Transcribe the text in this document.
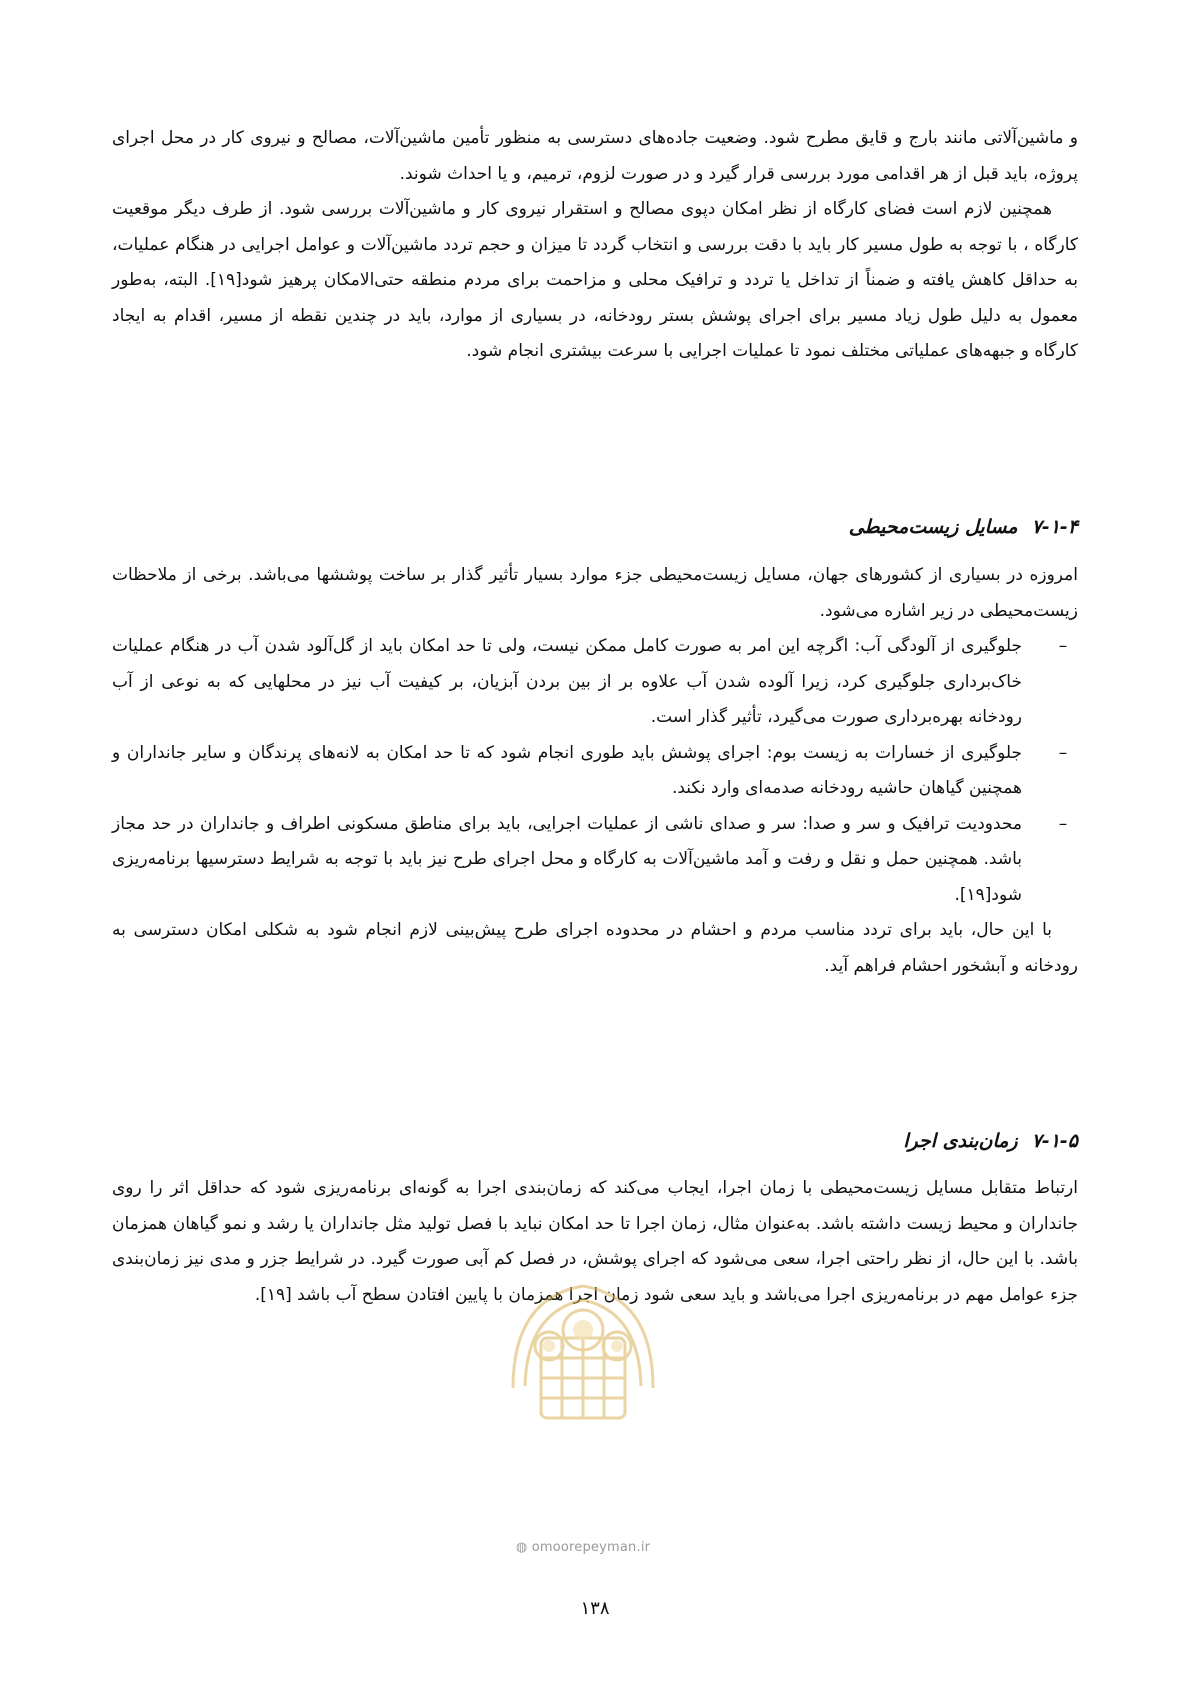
و ماشین‌آلاتی مانند بارج و قایق مطرح شود. وضعیت جاده‌های دسترسی به منظور تأمین ماشین‌آلات، مصالح و نیروی کار در محل اجرای پروژه، باید قبل از هر اقدامی مورد بررسی قرار گیرد و در صورت لزوم، ترمیم، و یا احداث شوند.

همچنین لازم است فضای کارگاه از نظر امکان دپوی مصالح و استقرار نیروی کار و ماشین‌آلات بررسی شود. از طرف دیگر موقعیت کارگاه ، با توجه به طول مسیر کار باید با دقت بررسی و انتخاب گردد تا میزان و حجم تردد ماشین‌آلات و عوامل اجرایی در هنگام عملیات، به حداقل کاهش یافته و ضمناً از تداخل یا تردد و ترافیک محلی و مزاحمت برای مردم منطقه حتی‌الامکان پرهیز شود[۱۹]. البته، به‌طور معمول به دلیل طول زیاد مسیر برای اجرای پوشش بستر رودخانه، در بسیاری از موارد، باید در چندین نقطه از مسیر، اقدام به ایجاد کارگاه و جبهه‌های عملیاتی مختلف نمود تا عملیات اجرایی با سرعت بیشتری انجام شود.

۷-۱-۴مسایل زیست‌محیطی

امروزه در بسیاری از کشورهای جهان، مسایل زیست‌محیطی جزء موارد بسیار تأثیر گذار بر ساخت پوششها می‌باشد. برخی از ملاحظات زیست‌محیطی در زیر اشاره می‌شود.

–
جلوگیری از آلودگی آب: اگرچه این امر به صورت کامل ممکن نیست، ولی تا حد امکان باید از گل‌آلود شدن آب در هنگام عملیات خاک‌برداری جلوگیری کرد، زیرا آلوده شدن آب علاوه بر از بین بردن آبزیان، بر کیفیت آب نیز در محلهایی که به نوعی از آب رودخانه بهره‌برداری صورت می‌گیرد، تأثیر گذار است.
–
جلوگیری از خسارات به زیست بوم: اجرای پوشش باید طوری انجام شود که تا حد امکان به لانه‌های پرندگان و سایر جانداران و همچنین گیاهان حاشیه رودخانه صدمه‌ای وارد نکند.
–
محدودیت ترافیک و سر و صدا: سر و صدای ناشی از عملیات اجرایی، باید برای مناطق مسکونی اطراف و جانداران در حد مجاز باشد. همچنین حمل و نقل و رفت و آمد ماشین‌آلات به کارگاه و محل اجرای طرح نیز باید با توجه به شرایط دسترسیها برنامه‌ریزی شود[۱۹].

با این حال، باید برای تردد مناسب مردم و احشام در محدوده اجرای طرح پیش‌بینی لازم انجام شود به شکلی امکان دسترسی به رودخانه و آبشخور احشام فراهم آید.

۷-۱-۵زمان‌بندی اجرا

ارتباط متقابل مسایل زیست‌محیطی با زمان اجرا، ایجاب می‌کند که زمان‌بندی اجرا به گونه‌ای برنامه‌ریزی شود که حداقل اثر را روی جانداران و محیط زیست داشته باشد. به‌عنوان مثال، زمان اجرا تا حد امکان نباید با فصل تولید مثل جانداران یا رشد و نمو گیاهان همزمان باشد. با این حال، از نظر راحتی اجرا، سعی می‌شود که اجرای پوشش، در فصل کم آبی صورت گیرد. در شرایط جزر و مدی نیز زمان‌بندی جزء عوامل مهم در برنامه‌ریزی اجرا می‌باشد و باید سعی شود زمان اجرا همزمان با پایین افتادن سطح آب باشد [۱۹].

◍ omoorepeyman.ir
۱۳۸
